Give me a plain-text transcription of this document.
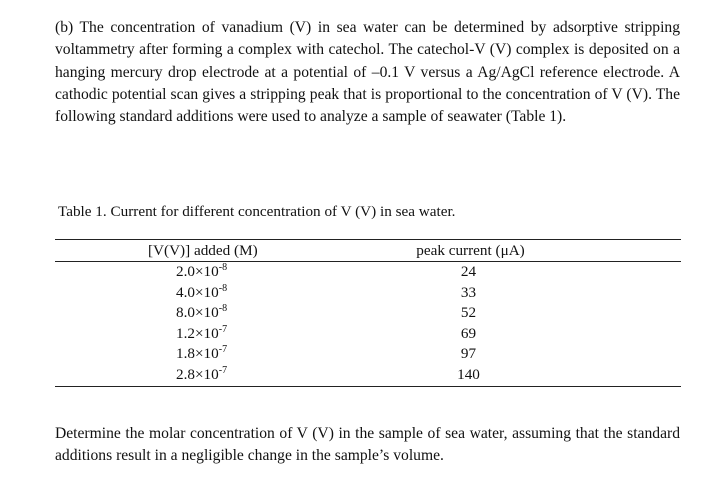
(b) The concentration of vanadium (V) in sea water can be determined by adsorptive stripping voltammetry after forming a complex with catechol. The catechol-V (V) complex is deposited on a hanging mercury drop electrode at a potential of –0.1 V versus a Ag/AgCl reference electrode. A cathodic potential scan gives a stripping peak that is proportional to the concentration of V (V). The following standard additions were used to analyze a sample of seawater (Table 1).

Table 1. Current for different concentration of V (V) in sea water.

[V(V)] added (M)	peak current (μA)
$2.0\times 10^{-8}$	24
$4.0\times 10^{-8}$	33
$8.0\times 10^{-8}$	52
$1.2\times 10^{-7}$	69
$1.8\times 10^{-7}$	97
$2.8\times 10^{-7}$	140

Determine the molar concentration of V (V) in the sample of sea water, assuming that the standard additions result in a negligible change in the sample’s volume.
